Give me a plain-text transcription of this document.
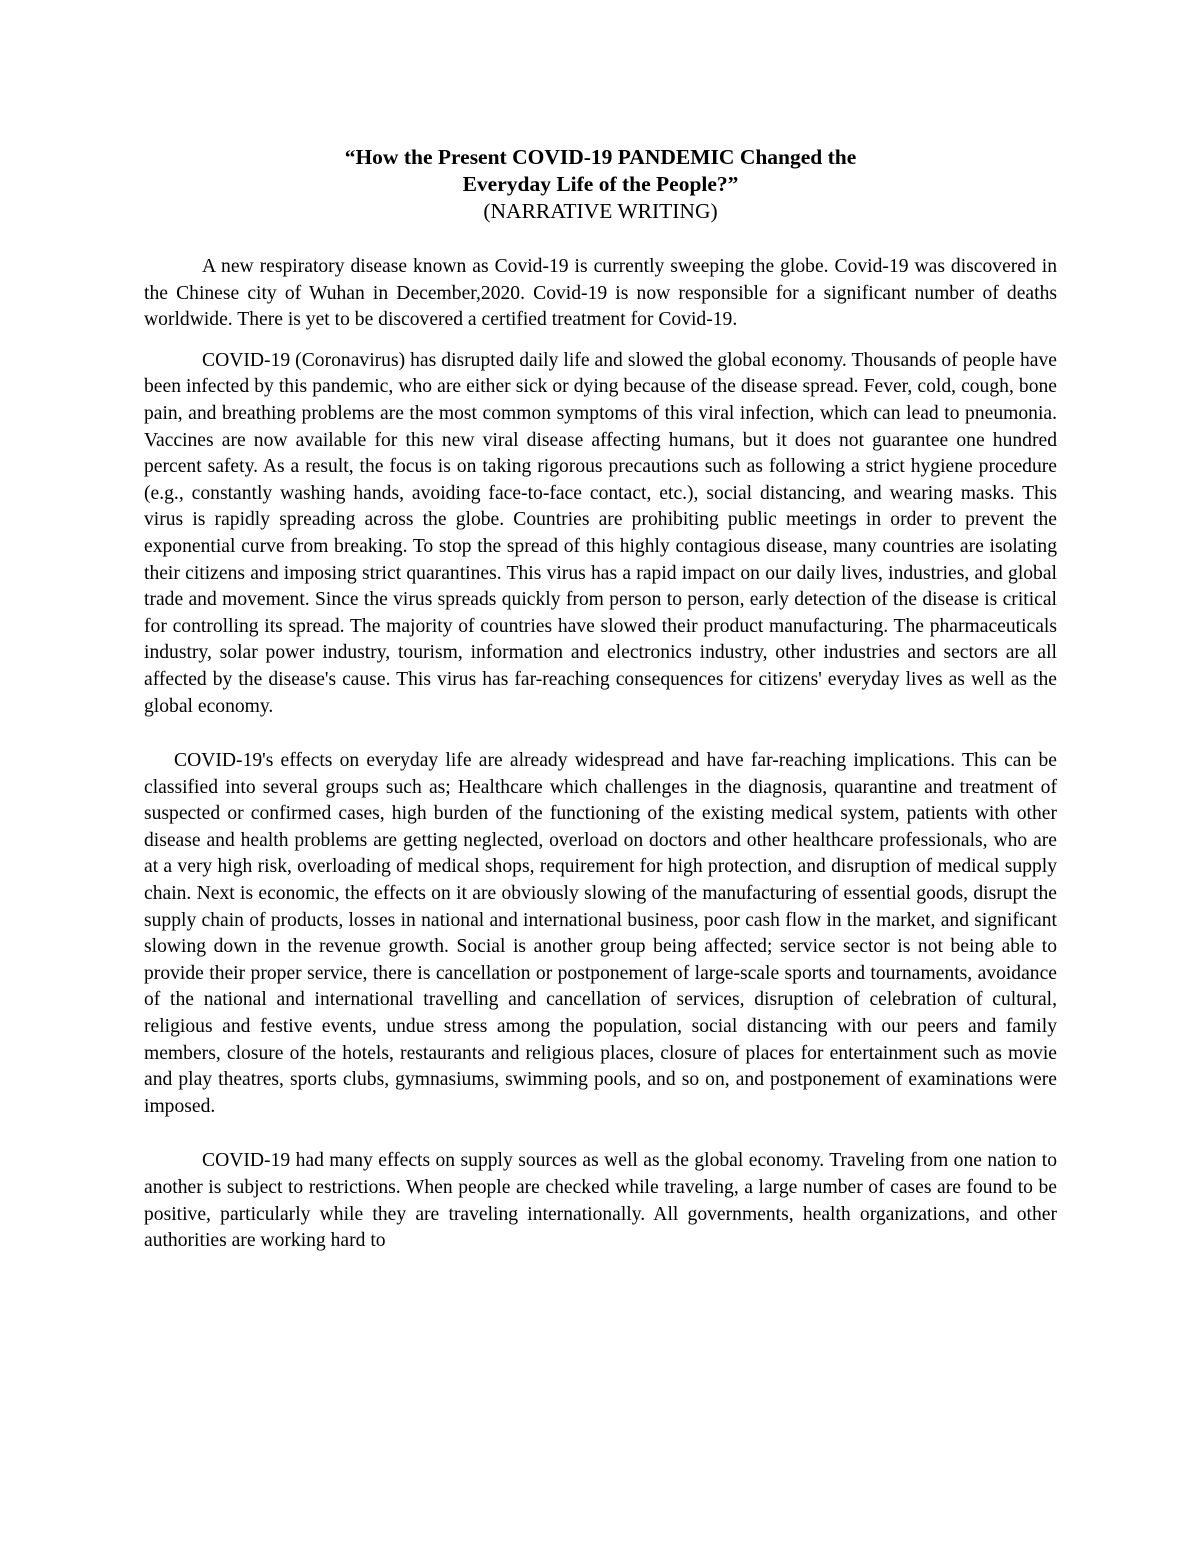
“How the Present COVID-19 PANDEMIC Changed the

Everyday Life of the People?”

(NARRATIVE WRITING)

A new respiratory disease known as Covid-19 is currently sweeping the globe. Covid-19 was discovered in the Chinese city of Wuhan in December,2020. Covid-19 is now responsible for a significant number of deaths worldwide. There is yet to be discovered a certified treatment for Covid-19.

COVID-19 (Coronavirus) has disrupted daily life and slowed the global economy. Thousands of people have been infected by this pandemic, who are either sick or dying because of the disease spread. Fever, cold, cough, bone pain, and breathing problems are the most common symptoms of this viral infection, which can lead to pneumonia. Vaccines are now available for this new viral disease affecting humans, but it does not guarantee one hundred percent safety. As a result, the focus is on taking rigorous precautions such as following a strict hygiene procedure (e.g., constantly washing hands, avoiding face-to-face contact, etc.), social distancing, and wearing masks. This virus is rapidly spreading across the globe. Countries are prohibiting public meetings in order to prevent the exponential curve from breaking. To stop the spread of this highly contagious disease, many countries are isolating their citizens and imposing strict quarantines. This virus has a rapid impact on our daily lives, industries, and global trade and movement. Since the virus spreads quickly from person to person, early detection of the disease is critical for controlling its spread. The majority of countries have slowed their product manufacturing. The pharmaceuticals industry, solar power industry, tourism, information and electronics industry, other industries and sectors are all affected by the disease's cause. This virus has far-reaching consequences for citizens' everyday lives as well as the global economy.

COVID-19's effects on everyday life are already widespread and have far-reaching implications. This can be classified into several groups such as; Healthcare which challenges in the diagnosis, quarantine and treatment of suspected or confirmed cases, high burden of the functioning of the existing medical system, patients with other disease and health problems are getting neglected, overload on doctors and other healthcare professionals, who are at a very high risk, overloading of medical shops, requirement for high protection, and disruption of medical supply chain. Next is economic, the effects on it are obviously slowing of the manufacturing of essential goods, disrupt the supply chain of products, losses in national and international business, poor cash flow in the market, and significant slowing down in the revenue growth. Social is another group being affected; service sector is not being able to provide their proper service, there is cancellation or postponement of large-scale sports and tournaments, avoidance of the national and international travelling and cancellation of services, disruption of celebration of cultural, religious and festive events, undue stress among the population, social distancing with our peers and family members, closure of the hotels, restaurants and religious places, closure of places for entertainment such as movie and play theatres, sports clubs, gymnasiums, swimming pools, and so on, and postponement of examinations were imposed.

COVID-19 had many effects on supply sources as well as the global economy. Traveling from one nation to another is subject to restrictions. When people are checked while traveling, a large number of cases are found to be positive, particularly while they are traveling internationally. All governments, health organizations, and other authorities are working hard to
